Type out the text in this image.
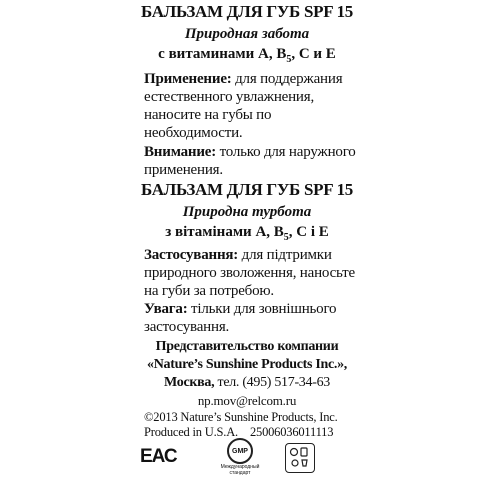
БАЛЬЗАМ ДЛЯ ГУБ SPF 15
Природная забота
с витаминами А, $В_5$, С и Е
Применение: для поддержания естественного увлажнения, наносите на губы по необходимости.
Внимание: только для наружного применения.
БАЛЬЗАМ ДЛЯ ГУБ SPF 15
Природна турбота
з вітамінами А, $В_5$, С і Е
Застосування: для підтримки природного зволоження, наносьте на губи за потребою.
Увага: тільки для зовнішнього застосування.
Представительство компании
«Nature’s Sunshine Products Inc.»,
Москва, тел. (495) 517-34-63
np.mov@relcom.ru
©2013 Nature’s Sunshine Products, Inc.
Produced in U.S.A. 25006036011113
ЕАС	GMP
Международный стандарт
